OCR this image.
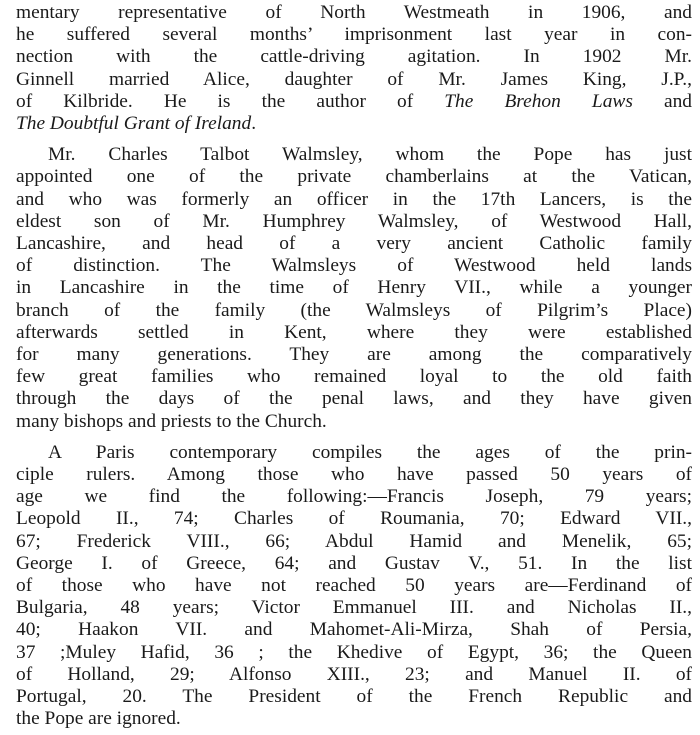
mentary representative of North Westmeath in 1906, and
he suffered several months’ imprisonment last year in con-
nection with the cattle-driving agitation. In 1902 Mr.
Ginnell married Alice, daughter of Mr. James King, J.P.,
of Kilbride. He is the author of The Brehon Laws and
The Doubtful Grant of Ireland.
Mr. Charles Talbot Walmsley, whom the Pope has just
appointed one of the private chamberlains at the Vatican,
and who was formerly an officer in the 17th Lancers, is the
eldest son of Mr. Humphrey Walmsley, of Westwood Hall,
Lancashire, and head of a very ancient Catholic family
of distinction. The Walmsleys of Westwood held lands
in Lancashire in the time of Henry VII., while a younger
branch of the family (the Walmsleys of Pilgrim’s Place)
afterwards settled in Kent, where they were established
for many generations. They are among the comparatively
few great families who remained loyal to the old faith
through the days of the penal laws, and they have given
many bishops and priests to the Church.
A Paris contemporary compiles the ages of the prin-
ciple rulers. Among those who have passed 50 years of
age we find the following:—Francis Joseph, 79 years;
Leopold II., 74; Charles of Roumania, 70; Edward VII.,
67; Frederick VIII., 66; Abdul Hamid and Menelik, 65;
George I. of Greece, 64; and Gustav V., 51. In the list
of those who have not reached 50 years are—Ferdinand of
Bulgaria, 48 years; Victor Emmanuel III. and Nicholas II.,
40; Haakon VII. and Mahomet-Ali-Mirza, Shah of Persia,
37 ;Muley Hafid, 36 ; the Khedive of Egypt, 36; the Queen
of Holland, 29; Alfonso XIII., 23; and Manuel II. of
Portugal, 20. The President of the French Republic and
the Pope are ignored.
